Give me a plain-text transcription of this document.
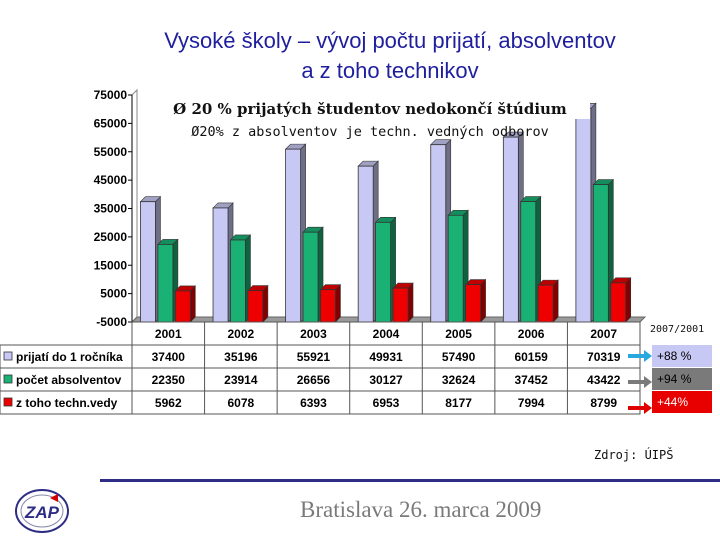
Vysoké školy – vývoj počtu prijatí, absolventov
a z toho technikov
75000
65000
55000
45000
35000
25000
15000
5000
-5000
2001	2002	2003	2004	2005	2006	2007
prijatí do 1 ročníka 37400	35196	55921	49931	57490	60159	70319
počet absolventov	22350	23914	26656	30127	32624	37452	43422
z toho techn.vedy	5962	6078	6393	6953	8177	7994	8799
Ø 20 % prijatých študentov nedokončí štúdium
Ø20% z absolventov je techn. vedných odborov
2007/2001
+88 %
+94 %
+44%
Zdroj: ÚIPŠ
Bratislava 26. marca 2009
ZAP
